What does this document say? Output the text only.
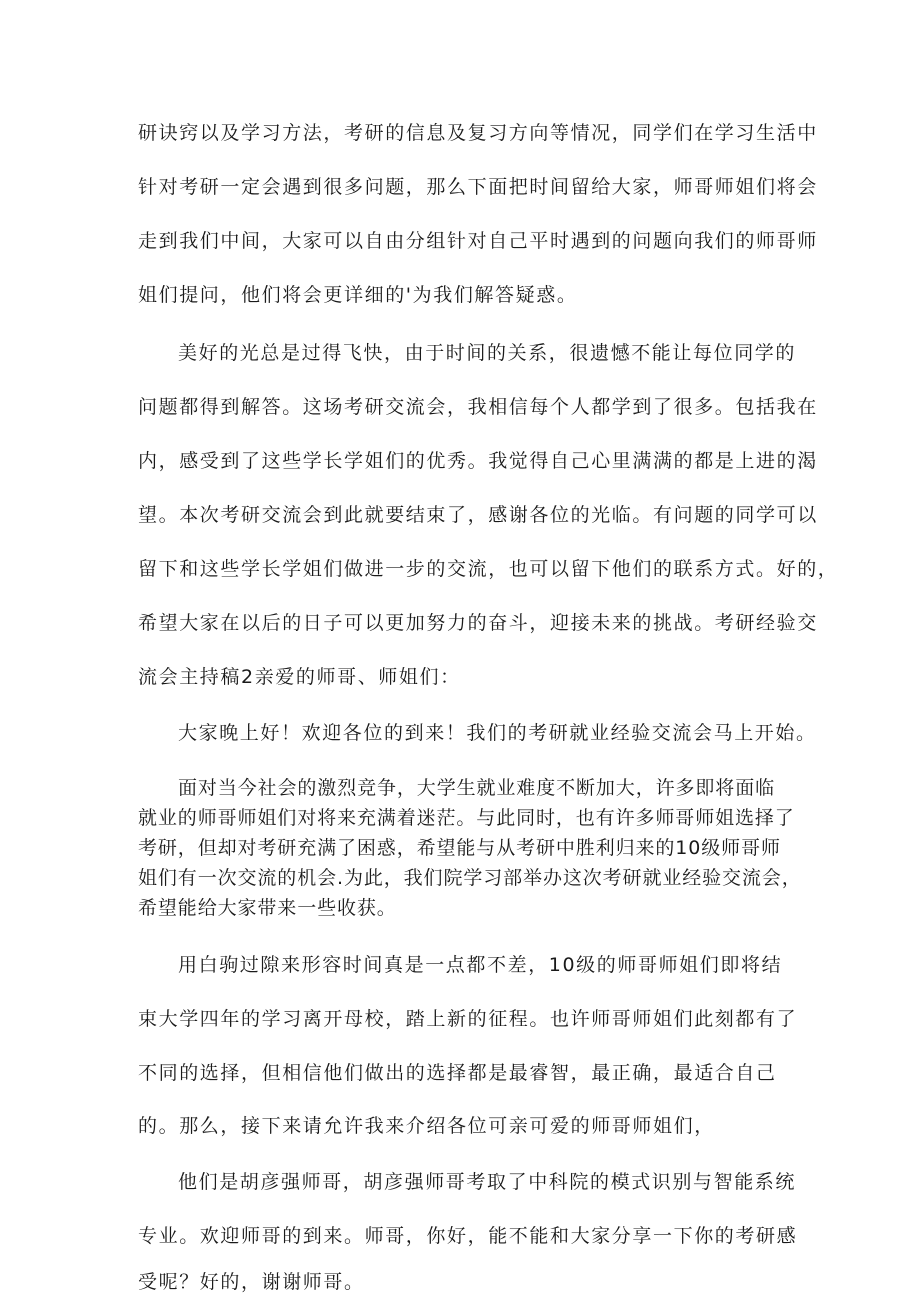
研诀窍以及学习方法，考研的信息及复习方向等情况，同学们在学习生活中
针对考研一定会遇到很多问题，那么下面把时间留给大家，师哥师姐们将会
走到我们中间，大家可以自由分组针对自己平时遇到的问题向我们的师哥师
姐们提问，他们将会更详细的'为我们解答疑惑。
美好的光总是过得飞快，由于时间的关系，很遗憾不能让每位同学的
问题都得到解答。这场考研交流会，我相信每个人都学到了很多。包括我在
内，感受到了这些学长学姐们的优秀。我觉得自己心里满满的都是上进的渴
望。本次考研交流会到此就要结束了，感谢各位的光临。有问题的同学可以
留下和这些学长学姐们做进一步的交流，也可以留下他们的联系方式。好的，
希望大家在以后的日子可以更加努力的奋斗，迎接未来的挑战。考研经验交
流会主持稿2亲爱的师哥、师姐们：
大家晚上好！欢迎各位的到来！我们的考研就业经验交流会马上开始。
面对当今社会的激烈竞争，大学生就业难度不断加大，许多即将面临
就业的师哥师姐们对将来充满着迷茫。与此同时，也有许多师哥师姐选择了
考研，但却对考研充满了困惑，希望能与从考研中胜利归来的10级师哥师
姐们有一次交流的机会.为此，我们院学习部举办这次考研就业经验交流会，
希望能给大家带来一些收获。
用白驹过隙来形容时间真是一点都不差，10级的师哥师姐们即将结
束大学四年的学习离开母校，踏上新的征程。也许师哥师姐们此刻都有了
不同的选择，但相信他们做出的选择都是最睿智，最正确，最适合自己
的。那么，接下来请允许我来介绍各位可亲可爱的师哥师姐们，
他们是胡彦强师哥，胡彦强师哥考取了中科院的模式识别与智能系统
专业。欢迎师哥的到来。师哥，你好，能不能和大家分享一下你的考研感
受呢？好的，谢谢师哥。
